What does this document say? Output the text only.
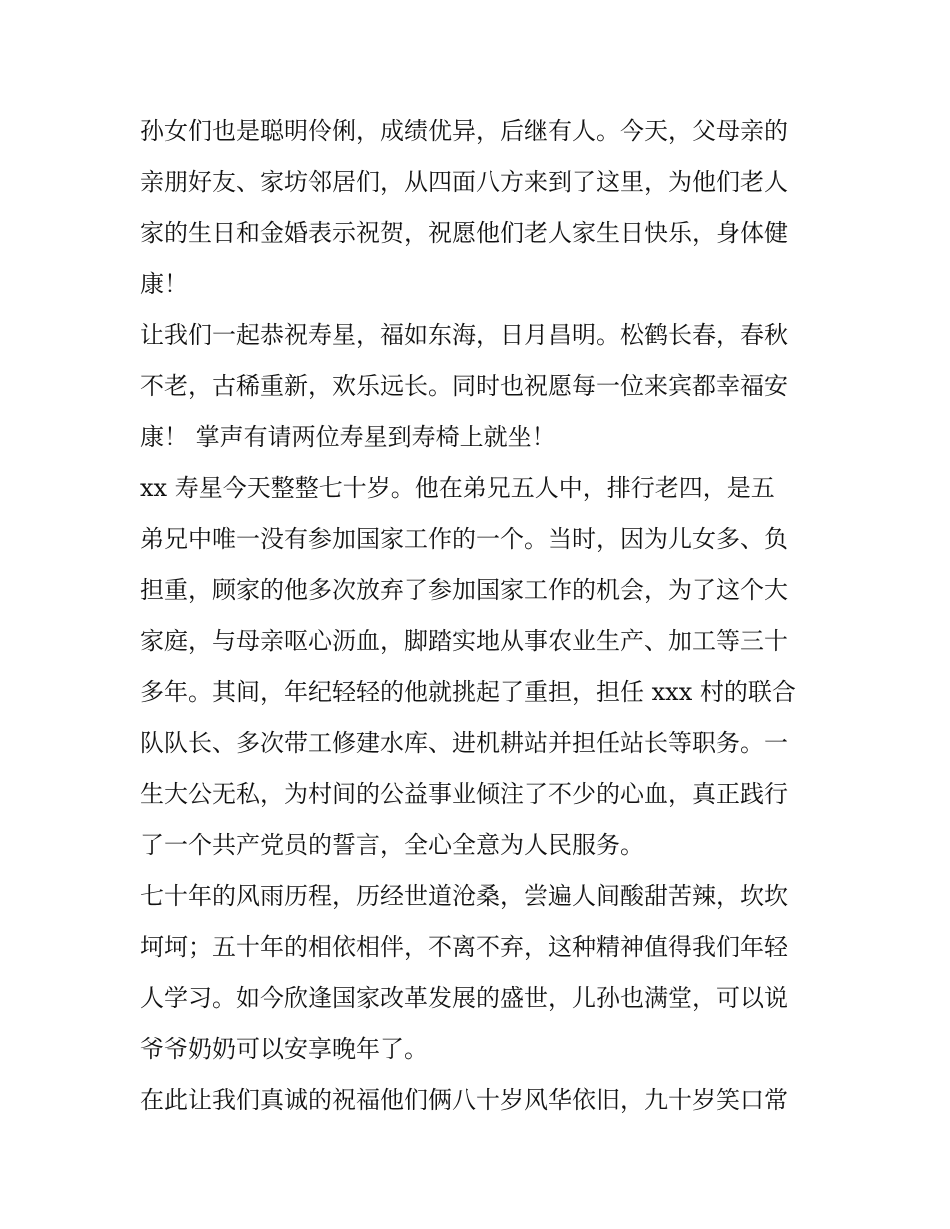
孙女们也是聪明伶俐，成绩优异，后继有人。今天，父母亲的
亲朋好友、家坊邻居们，从四面八方来到了这里，为他们老人
家的生日和金婚表示祝贺，祝愿他们老人家生日快乐，身体健
康！
让我们一起恭祝寿星，福如东海，日月昌明。松鹤长春，春秋
不老，古稀重新，欢乐远长。同时也祝愿每一位来宾都幸福安
康！ 掌声有请两位寿星到寿椅上就坐！
xx 寿星今天整整七十岁。他在弟兄五人中，排行老四，是五
弟兄中唯一没有参加国家工作的一个。当时，因为儿女多、负
担重，顾家的他多次放弃了参加国家工作的机会，为了这个大
家庭，与母亲呕心沥血，脚踏实地从事农业生产、加工等三十
多年。其间，年纪轻轻的他就挑起了重担，担任 xxx 村的联合
队队长、多次带工修建水库、进机耕站并担任站长等职务。一
生大公无私，为村间的公益事业倾注了不少的心血，真正践行
了一个共产党员的誓言，全心全意为人民服务。
七十年的风雨历程，历经世道沧桑，尝遍人间酸甜苦辣，坎坎
坷坷；五十年的相依相伴，不离不弃，这种精神值得我们年轻
人学习。如今欣逢国家改革发展的盛世，儿孙也满堂，可以说
爷爷奶奶可以安享晚年了。
在此让我们真诚的祝福他们俩八十岁风华依旧，九十岁笑口常
